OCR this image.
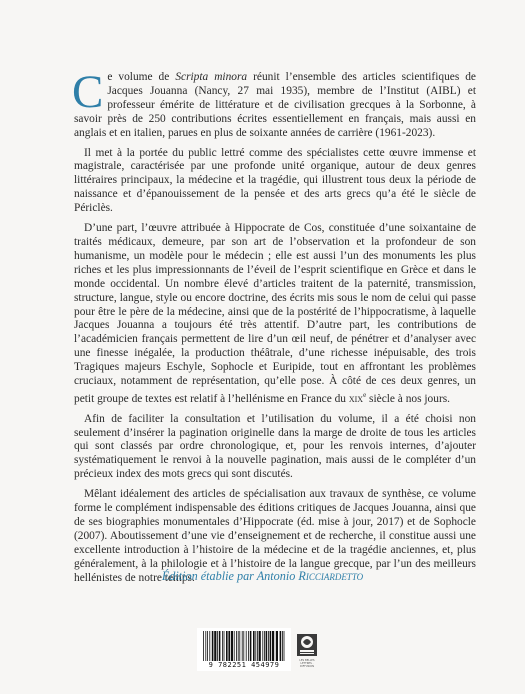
Ce volume de Scripta minora réunit l’ensemble des articles scientifiques de Jacques Jouanna (Nancy, 27 mai 1935), membre de l’Institut (AIBL) et professeur émérite de littérature et de civilisation grecques à la Sorbonne, à savoir près de 250 contributions écrites essentiellement en français, mais aussi en anglais et en italien, parues en plus de soixante années de carrière (1961-2023).

Il met à la portée du public lettré comme des spécialistes cette œuvre immense et magistrale, caractérisée par une profonde unité organique, autour de deux genres littéraires principaux, la médecine et la tragédie, qui illustrent tous deux la période de naissance et d’épanouissement de la pensée et des arts grecs qu’a été le siècle de Périclès.

D’une part, l’œuvre attribuée à Hippocrate de Cos, constituée d’une soixantaine de traités médicaux, demeure, par son art de l’observation et la profondeur de son humanisme, un modèle pour le médecin ; elle est aussi l’un des monuments les plus riches et les plus impressionnants de l’éveil de l’esprit scientifique en Grèce et dans le monde occidental. Un nombre élevé d’articles traitent de la paternité, transmission, structure, langue, style ou encore doctrine, des écrits mis sous le nom de celui qui passe pour être le père de la médecine, ainsi que de la postérité de l’hippocratisme, à laquelle Jacques Jouanna a toujours été très attentif. D’autre part, les contributions de l’académicien français permettent de lire d’un œil neuf, de pénétrer et d’analyser avec une finesse inégalée, la production théâtrale, d’une richesse inépuisable, des trois Tragiques majeurs Eschyle, Sophocle et Euripide, tout en affrontant les problèmes cruciaux, notamment de représentation, qu’elle pose. À côté de ces deux genres, un petit groupe de textes est relatif à l’hellénisme en France du xix$^e$ siècle à nos jours.

Afin de faciliter la consultation et l’utilisation du volume, il a été choisi non seulement d’insérer la pagination originelle dans la marge de droite de tous les articles qui sont classés par ordre chronologique, et, pour les renvois internes, d’ajouter systématiquement le renvoi à la nouvelle pagination, mais aussi de le compléter d’un précieux index des mots grecs qui sont discutés.

Mêlant idéalement des articles de spécialisation aux travaux de synthèse, ce volume forme le complément indispensable des éditions critiques de Jacques Jouanna, ainsi que de ses biographies monumentales d’Hippocrate (éd. mise à jour, 2017) et de Sophocle (2007). Aboutissement d’une vie d’enseignement et de recherche, il constitue aussi une excellente introduction à l’histoire de la médecine et de la tragédie anciennes, et, plus généralement, à la philologie et à l’histoire de la langue grecque, par l’un des meilleurs hellénistes de notre temps.

Édition établie par Antonio Ricciardetto
9 782251 454979
LES BELLES LETTRES · DIFFUSION
